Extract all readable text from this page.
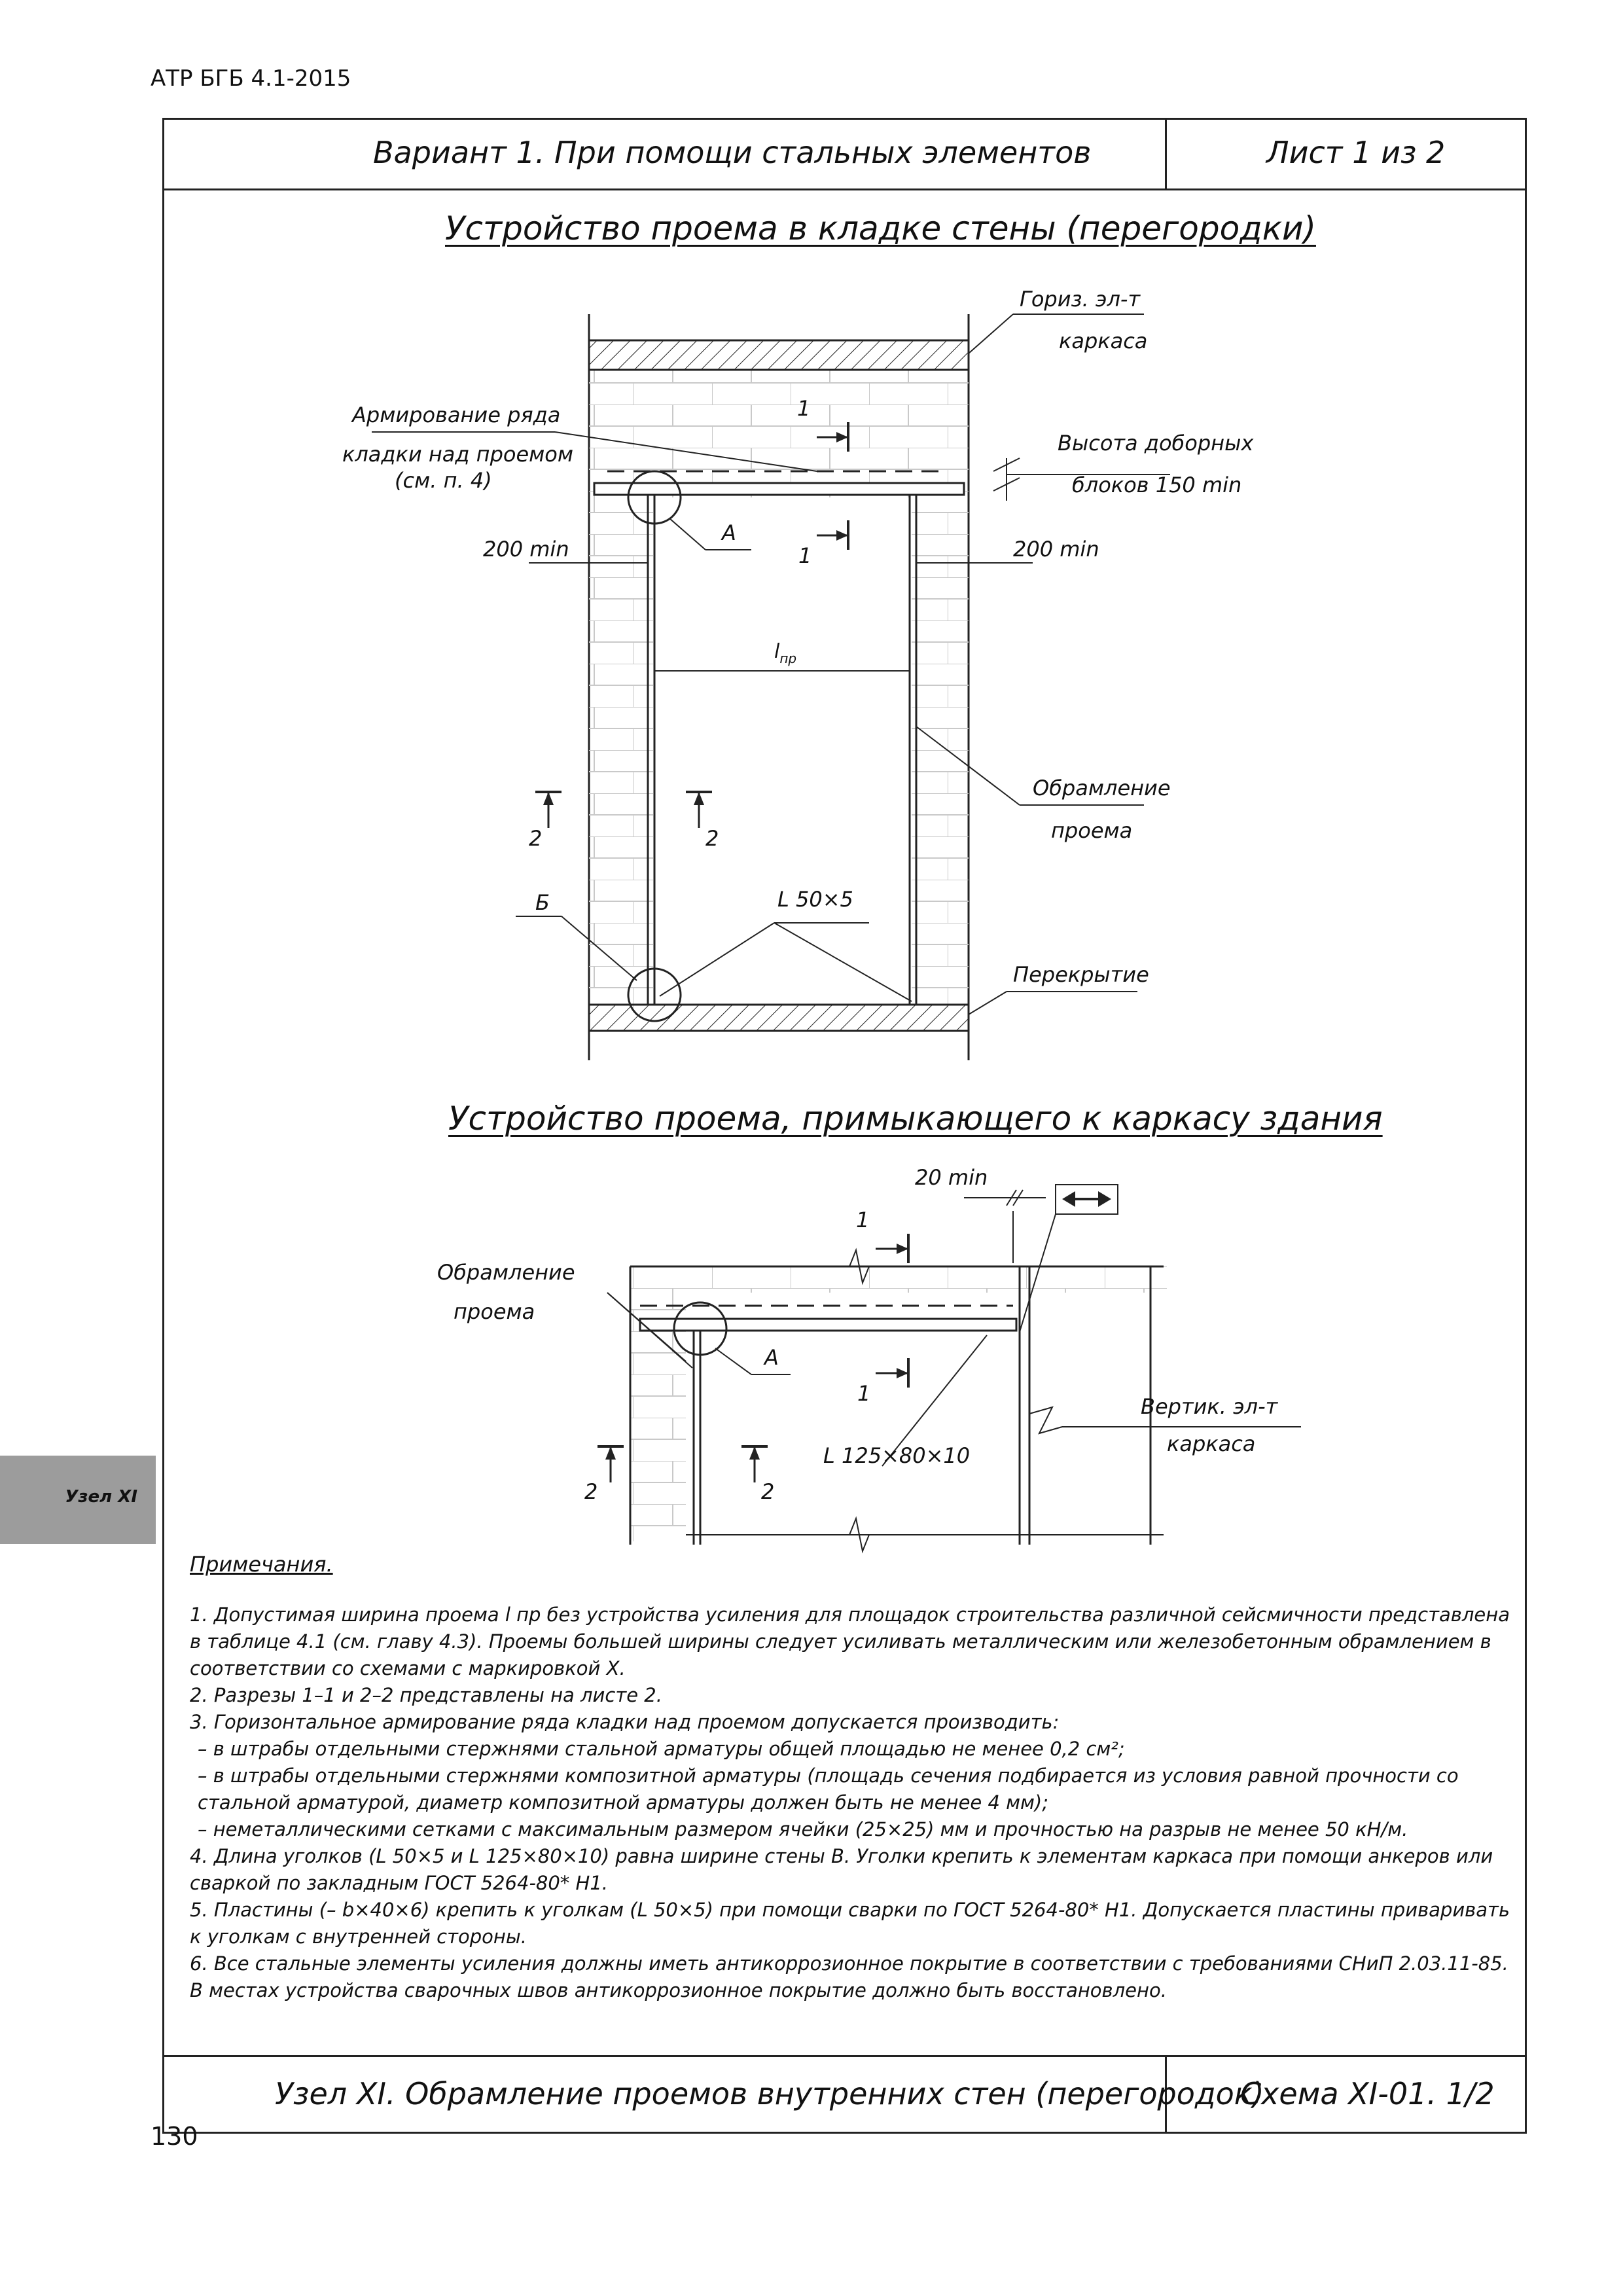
АТР БГБ 4.1-2015
Вариант 1. При помощи стальных элементов	Лист 1 из 2
Узел XI. Обрамление проемов внутренних стен (перегородок)
Схема XI-01. 1/2
130
Узел XI
Устройство проема в кладке стены (перегородки)
Устройство проема, примыкающего к каркасу здания
$l_{пр}$
200 min	200 min
Гориз. эл-т
каркаса
Армирование ряда
кладки над проемом
(см. п. 4)
Высота доборных
блоков 150 min
А
1
1
2	2
Б	L 50×5
Обрамление
проема
Перекрытие
А
20 min
Обрамление
проема
1
1
2	2
L 125×80×10
Вертик. эл-т
каркаса
Примечания.

1. Допустимая ширина проема l пр без устройства усиления для площадок строительства различной сейсмичности представлена в таблице 4.1 (см. главу 4.3). Проемы большей ширины следует усиливать металлическим или железобетонным обрамлением в соответствии со схемами с маркировкой X.

2. Разрезы 1–1 и 2–2 представлены на листе 2.

3. Горизонтальное армирование ряда кладки над проемом допускается производить:

– в штрабы отдельными стержнями стальной арматуры общей площадью не менее 0,2 см²;

– в штрабы отдельными стержнями композитной арматуры (площадь сечения подбирается из условия равной прочности со стальной арматурой, диаметр композитной арматуры должен быть не менее 4 мм);

– неметаллическими сетками с максимальным размером ячейки (25×25) мм и прочностью на разрыв не менее 50 кН/м.

4. Длина уголков (L 50×5 и L 125×80×10) равна ширине стены B. Уголки крепить к элементам каркаса при помощи анкеров или сваркой по закладным ГОСТ 5264-80* Н1.

5. Пластины (– b×40×6) крепить к уголкам (L 50×5) при помощи сварки по ГОСТ 5264-80* Н1. Допускается пластины приваривать к уголкам с внутренней стороны.

6. Все стальные элементы усиления должны иметь антикоррозионное покрытие в соответствии с требованиями СНиП 2.03.11-85. В местах устройства сварочных швов антикоррозионное покрытие должно быть восстановлено.
